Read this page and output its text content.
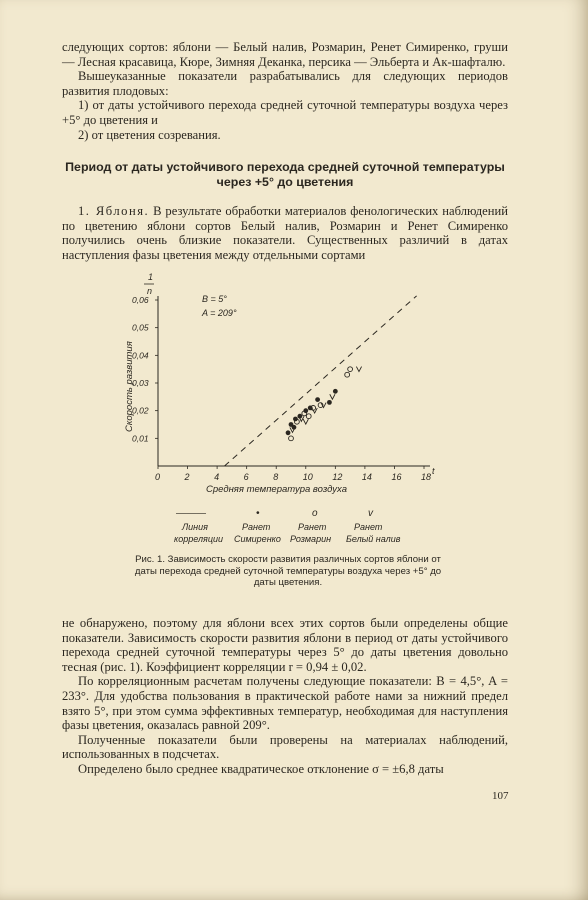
следующих сортов: яблони — Белый налив, Розмарин, Ренет Симиренко, груши — Лесная красавица, Кюре, Зимняя Деканка, персика — Эльберта и Ак-шафталю.

Вышеуказанные показатели разрабатывались для следующих периодов развития плодовых:

1) от даты устойчивого перехода средней суточной температуры воздуха через +5° до цветения и

2) от цветения созревания.

Период от даты устойчивого перехода средней суточной температуры через +5° до цветения

1. Яблоня. В результате обработки материалов фенологических наблюдений по цветению яблони сортов Белый налив, Розмарин и Ренет Симиренко получились очень близкие показатели. Существенных различий в датах наступления фазы цветения между отдельными сортами

0	2	4	6	8	10 12 14 16 18
0,06
0,05
0,04
0,03
0,02
0,01
1
n
Скорость развития
Средняя температура воздуха
t
B = 5°
A = 209°
———
Линия
корреляции
•
Ранет
Симиренко
o
Ранет
Розмарин
v
Ранет
Белый налив
Рис. 1. Зависимость скорости развития различных сортов яблони от даты перехода средней суточной температуры воздуха через +5° до даты цветения.

не обнаружено, поэтому для яблони всех этих сортов были определены общие показатели. Зависимость скорости развития яблони в период от даты устойчивого перехода средней суточной температуры через 5° до даты цветения довольно тесная (рис. 1). Коэффициент корреляции r = 0,94 ± 0,02.

По корреляционным расчетам получены следующие показатели: B = 4,5°, A = 233°. Для удобства пользования в практической работе нами за нижний предел взято 5°, при этом сумма эффективных температур, необходимая для наступления фазы цветения, оказалась равной 209°.

Полученные показатели были проверены на материалах наблюдений, использованных в подсчетах.

Определено было среднее квадратическое отклонение σ = ±6,8 даты

107
